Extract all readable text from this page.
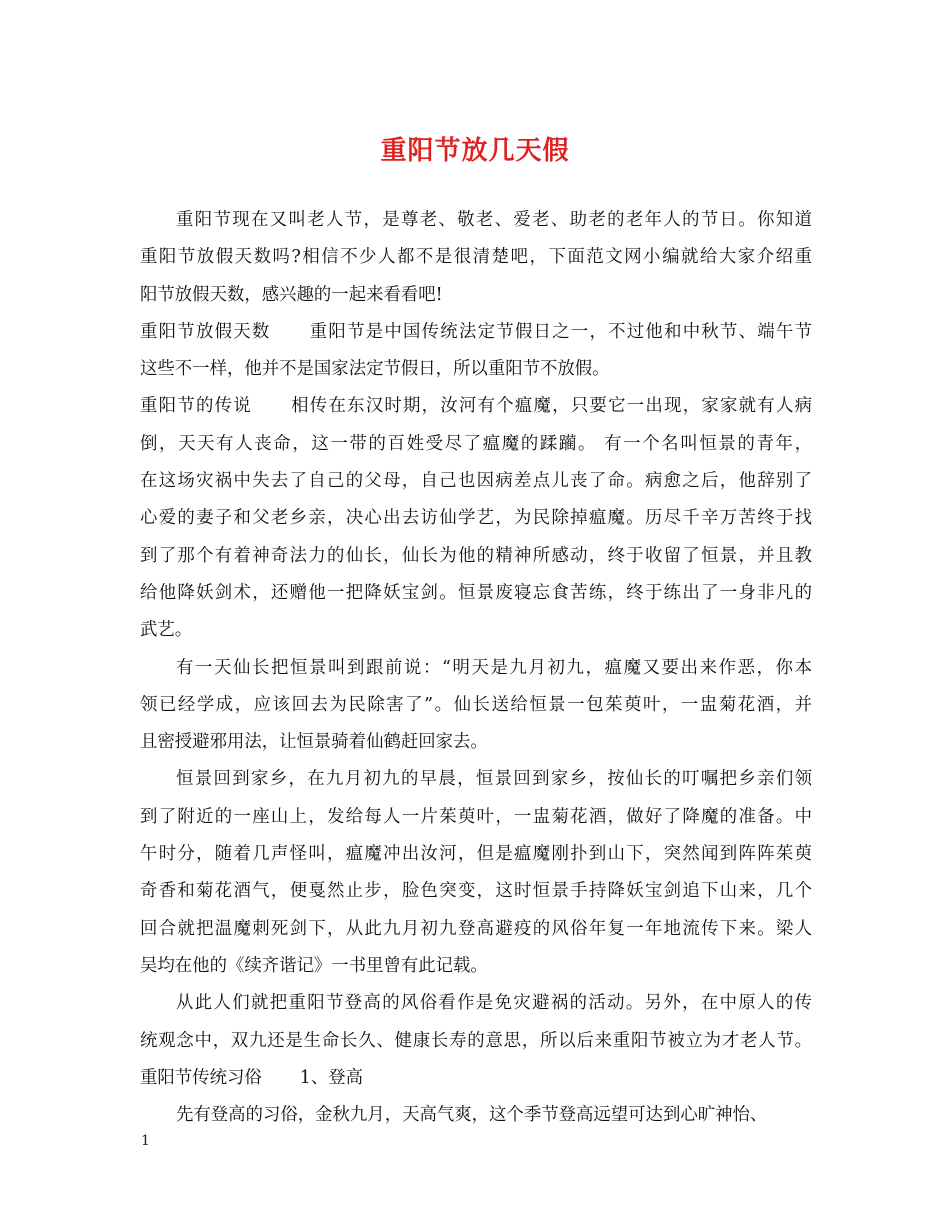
重阳节放几天假
重阳节现在又叫老人节，是尊老、敬老、爱老、助老的老年人的节日。你知道
重阳节放假天数吗?相信不少人都不是很清楚吧，下面范文网小编就给大家介绍重
阳节放假天数，感兴趣的一起来看看吧!
重阳节放假天数 重阳节是中国传统法定节假日之一，不过他和中秋节、端午节
这些不一样，他并不是国家法定节假日，所以重阳节不放假。
重阳节的传说 相传在东汉时期，汝河有个瘟魔，只要它一出现，家家就有人病
倒，天天有人丧命，这一带的百姓受尽了瘟魔的蹂躏。 有一个名叫恒景的青年，
在这场灾祸中失去了自己的父母，自己也因病差点儿丧了命。病愈之后，他辞别了
心爱的妻子和父老乡亲，决心出去访仙学艺，为民除掉瘟魔。历尽千辛万苦终于找
到了那个有着神奇法力的仙长，仙长为他的精神所感动，终于收留了恒景，并且教
给他降妖剑术，还赠他一把降妖宝剑。恒景废寝忘食苦练，终于练出了一身非凡的
武艺。
有一天仙长把恒景叫到跟前说：“明天是九月初九，瘟魔又要出来作恶，你本
领已经学成，应该回去为民除害了”。仙长送给恒景一包茱萸叶，一盅菊花酒，并
且密授避邪用法，让恒景骑着仙鹤赶回家去。
恒景回到家乡，在九月初九的早晨，恒景回到家乡，按仙长的叮嘱把乡亲们领
到了附近的一座山上，发给每人一片茱萸叶，一盅菊花酒，做好了降魔的准备。中
午时分，随着几声怪叫，瘟魔冲出汝河，但是瘟魔刚扑到山下，突然闻到阵阵茱萸
奇香和菊花酒气，便戛然止步，脸色突变，这时恒景手持降妖宝剑追下山来，几个
回合就把温魔刺死剑下，从此九月初九登高避疫的风俗年复一年地流传下来。梁人
吴均在他的《续齐谐记》一书里曾有此记载。
从此人们就把重阳节登高的风俗看作是免灾避祸的活动。另外，在中原人的传
统观念中，双九还是生命长久、健康长寿的意思，所以后来重阳节被立为才老人节。
重阳节传统习俗 1、登高
先有登高的习俗，金秋九月，天高气爽，这个季节登高远望可达到心旷神怡、
1
